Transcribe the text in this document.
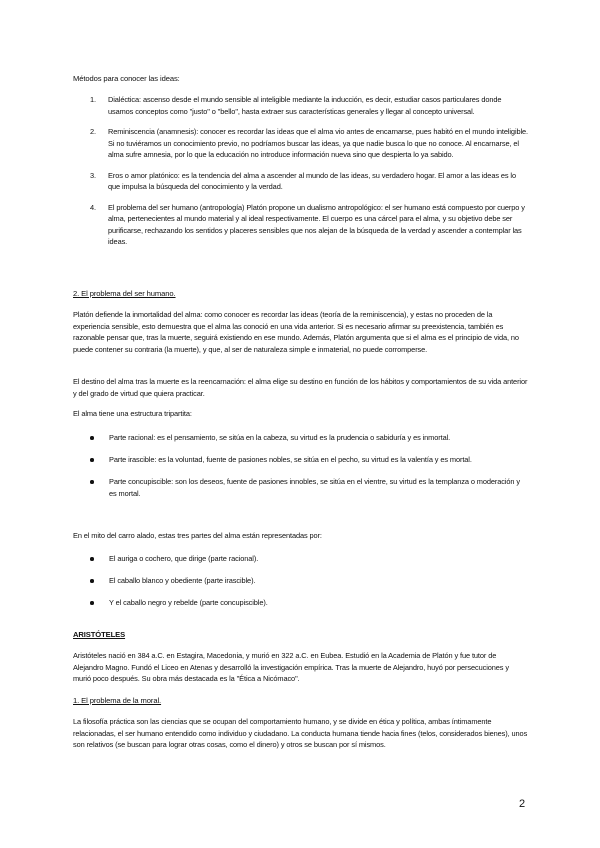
Métodos para conocer las ideas:
1. Dialéctica: ascenso desde el mundo sensible al inteligible mediante la inducción, es decir, estudiar casos particulares donde usamos conceptos como "justo" o "bello", hasta extraer sus características generales y llegar al concepto universal.
2. Reminiscencia (anamnesis): conocer es recordar las ideas que el alma vio antes de encarnarse, pues habitó en el mundo inteligible. Si no tuviéramos un conocimiento previo, no podríamos buscar las ideas, ya que nadie busca lo que no conoce. Al encarnarse, el alma sufre amnesia, por lo que la educación no introduce información nueva sino que despierta lo ya sabido.
3. Eros o amor platónico: es la tendencia del alma a ascender al mundo de las ideas, su verdadero hogar. El amor a las ideas es lo que impulsa la búsqueda del conocimiento y la verdad.
4. El problema del ser humano (antropología) Platón propone un dualismo antropológico: el ser humano está compuesto por cuerpo y alma, pertenecientes al mundo material y al ideal respectivamente. El cuerpo es una cárcel para el alma, y su objetivo debe ser purificarse, rechazando los sentidos y placeres sensibles que nos alejan de la búsqueda de la verdad y ascender a contemplar las ideas.
2. El problema del ser humano.

Platón defiende la inmortalidad del alma: como conocer es recordar las ideas (teoría de la reminiscencia), y estas no proceden de la experiencia sensible, esto demuestra que el alma las conoció en una vida anterior. Si es necesario afirmar su preexistencia, también es razonable pensar que, tras la muerte, seguirá existiendo en ese mundo. Además, Platón argumenta que si el alma es el principio de vida, no puede contener su contraria (la muerte), y que, al ser de naturaleza simple e inmaterial, no puede corromperse.

El destino del alma tras la muerte es la reencarnación: el alma elige su destino en función de los hábitos y comportamientos de su vida anterior y del grado de virtud que quiera practicar.

El alma tiene una estructura tripartita:

Parte racional: es el pensamiento, se sitúa en la cabeza, su virtud es la prudencia o sabiduría y es inmortal.
Parte irascible: es la voluntad, fuente de pasiones nobles, se sitúa en el pecho, su virtud es la valentía y es mortal.
Parte concupiscible: son los deseos, fuente de pasiones innobles, se sitúa en el vientre, su virtud es la templanza o moderación y es mortal.

En el mito del carro alado, estas tres partes del alma están representadas por:

El auriga o cochero, que dirige (parte racional).
El caballo blanco y obediente (parte irascible).
Y el caballo negro y rebelde (parte concupiscible).
ARISTÓTELES

Aristóteles nació en 384 a.C. en Estagira, Macedonia, y murió en 322 a.C. en Eubea. Estudió en la Academia de Platón y fue tutor de Alejandro Magno. Fundó el Liceo en Atenas y desarrolló la investigación empírica. Tras la muerte de Alejandro, huyó por persecuciones y murió poco después. Su obra más destacada es la "Ética a Nicómaco".

1. El problema de la moral.

La filosofía práctica son las ciencias que se ocupan del comportamiento humano, y se divide en ética y política, ambas íntimamente relacionadas, el ser humano entendido como individuo y ciudadano. La conducta humana tiende hacia fines (telos, considerados bienes), unos son relativos (se buscan para lograr otras cosas, como el dinero) y otros se buscan por sí mismos.

2
